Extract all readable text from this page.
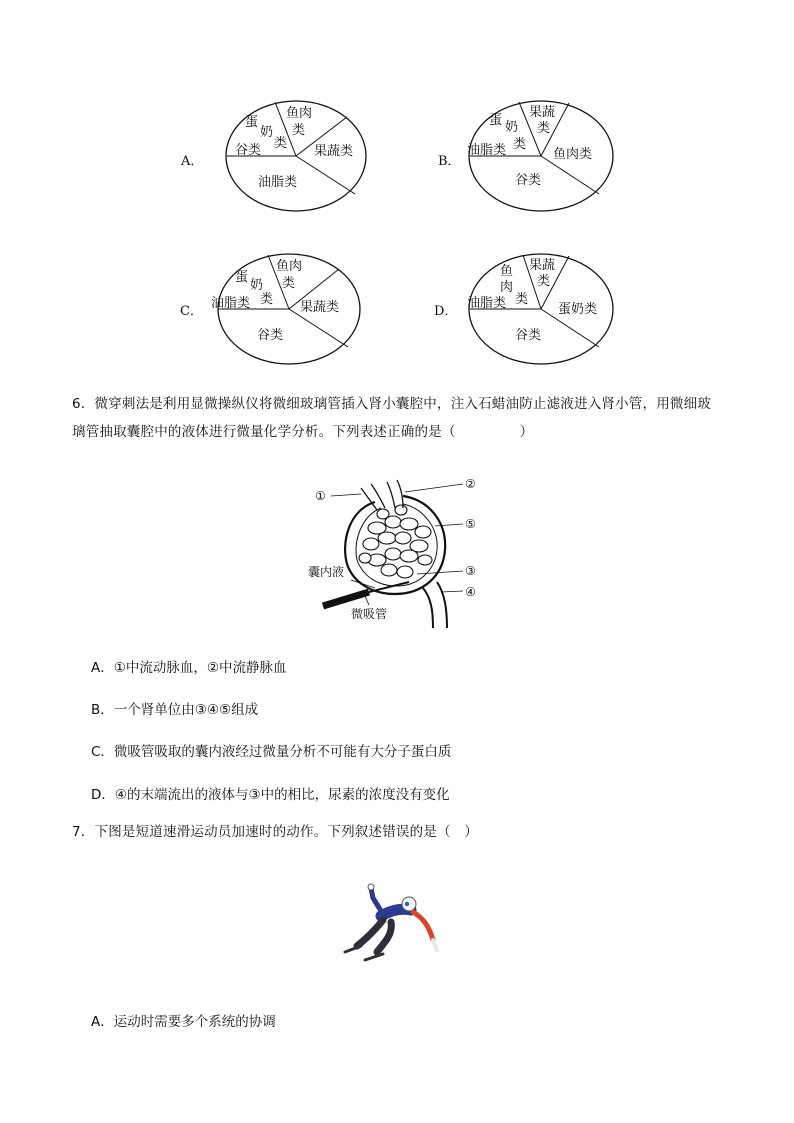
A．
鱼肉
类
蛋
奶
类
谷类	果蔬类
油脂类
B．
果蔬
类
蛋 奶
类
油脂类	鱼肉类
谷类
C．
鱼肉
类
蛋
奶
类
油脂类	果蔬类
谷类
D．
鱼
肉
类
果蔬
类
油脂类	蛋奶类
谷类
6．微穿刺法是利用显微操纵仪将微细玻璃管插入肾小囊腔中，注入石蜡油防止滤液进入肾小管，用微细玻
璃管抽取囊腔中的液体进行微量化学分析。下列表述正确的是（	）
①
②
⑤
③
④
囊内液
微吸管
A．①中流动脉血，②中流静脉血
B．一个肾单位由③④⑤组成
C．微吸管吸取的囊内液经过微量分析不可能有大分子蛋白质
D．④的末端流出的液体与③中的相比，尿素的浓度没有变化
7．下图是短道速滑运动员加速时的动作。下列叙述错误的是（　）
A．运动时需要多个系统的协调
